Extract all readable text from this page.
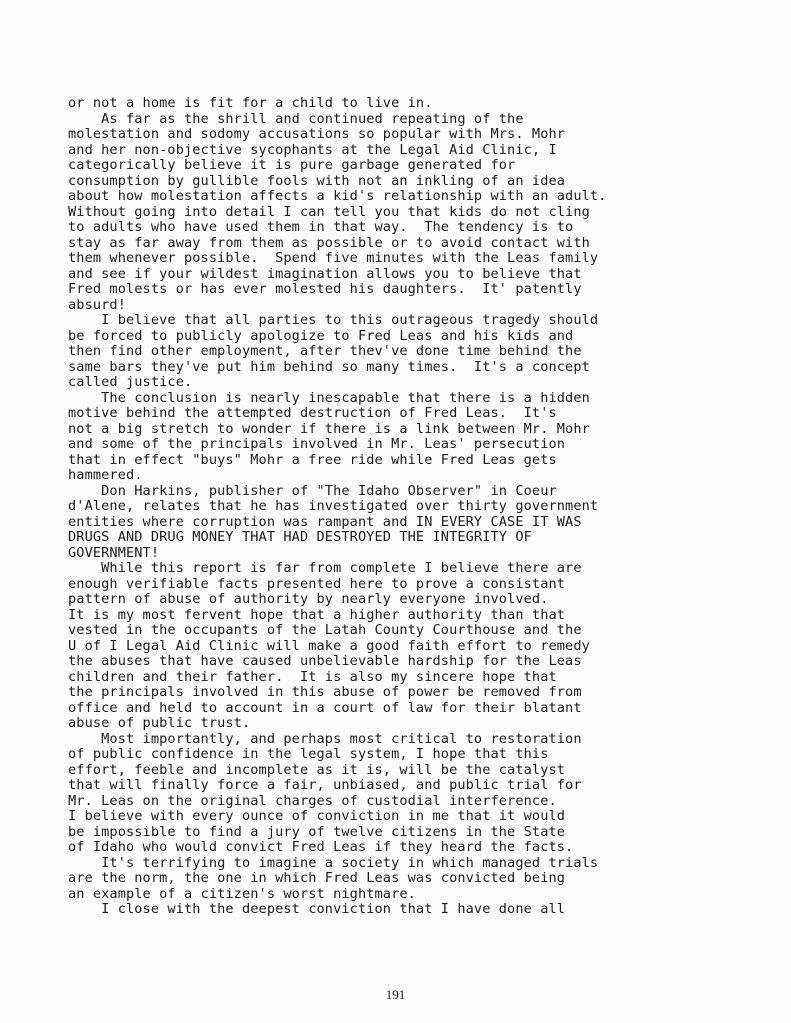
or not a home is fit for a child to live in.
As far as the shrill and continued repeating of the
molestation and sodomy accusations so popular with Mrs. Mohr
and her non-objective sycophants at the Legal Aid Clinic, I
categorically believe it is pure garbage generated for
consumption by gullible fools with not an inkling of an idea
about how molestation affects a kid's relationship with an adult.
Without going into detail I can tell you that kids do not cling
to adults who have used them in that way.  The tendency is to
stay as far away from them as possible or to avoid contact with
them whenever possible.  Spend five minutes with the Leas family
and see if your wildest imagination allows you to believe that
Fred molests or has ever molested his daughters.  It' patently
absurd!
I believe that all parties to this outrageous tragedy should
be forced to publicly apologize to Fred Leas and his kids and
then find other employment, after thev've done time behind the
same bars they've put him behind so many times.  It's a concept
called justice.
The conclusion is nearly inescapable that there is a hidden
motive behind the attempted destruction of Fred Leas.  It's
not a big stretch to wonder if there is a link between Mr. Mohr
and some of the principals involved in Mr. Leas' persecution
that in effect "buys" Mohr a free ride while Fred Leas gets
hammered.
Don Harkins, publisher of "The Idaho Observer" in Coeur
d'Alene, relates that he has investigated over thirty government
entities where corruption was rampant and IN EVERY CASE IT WAS
DRUGS AND DRUG MONEY THAT HAD DESTROYED THE INTEGRITY OF
GOVERNMENT!
While this report is far from complete I believe there are
enough verifiable facts presented here to prove a consistant
pattern of abuse of authority by nearly everyone involved.
It is my most fervent hope that a higher authority than that
vested in the occupants of the Latah County Courthouse and the
U of I Legal Aid Clinic will make a good faith effort to remedy
the abuses that have caused unbelievable hardship for the Leas
children and their father.  It is also my sincere hope that
the principals involved in this abuse of power be removed from
office and held to account in a court of law for their blatant
abuse of public trust.
Most importantly, and perhaps most critical to restoration
of public confidence in the legal system, I hope that this
effort, feeble and incomplete as it is, will be the catalyst
that will finally force a fair, unbiased, and public trial for
Mr. Leas on the original charges of custodial interference.
I believe with every ounce of conviction in me that it would
be impossible to find a jury of twelve citizens in the State
of Idaho who would convict Fred Leas if they heard the facts.
It's terrifying to imagine a society in which managed trials
are the norm, the one in which Fred Leas was convicted being
an example of a citizen's worst nightmare.
I close with the deepest conviction that I have done all
191
